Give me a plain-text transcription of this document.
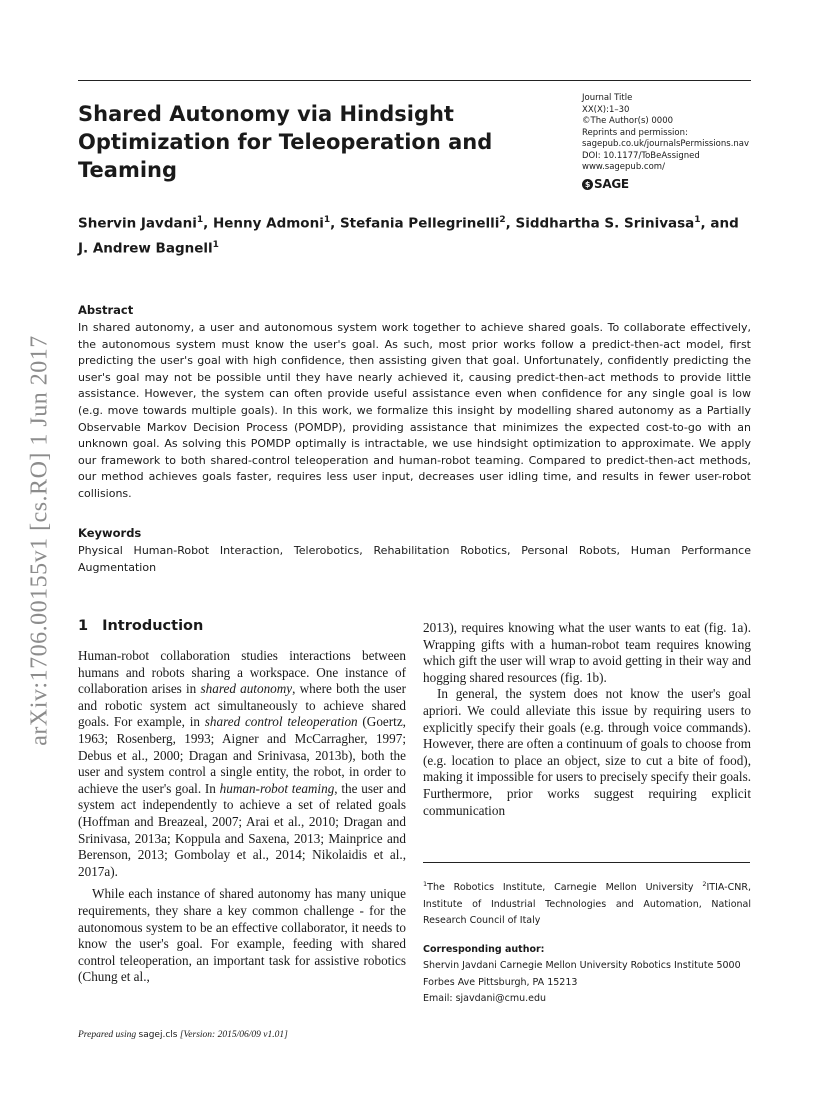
arXiv:1706.00155v1 [cs.RO] 1 Jun 2017
Shared Autonomy via Hindsight Optimization for Teleoperation and Teaming
Journal Title
XX(X):1–30
©The Author(s) 0000
Reprints and permission:
sagepub.co.uk/journalsPermissions.nav
DOI: 10.1177/ToBeAssigned
www.sagepub.com/
$ SAGE
Shervin Javdani$^1$, Henny Admoni$^1$, Stefania Pellegrinelli$^2$, Siddhartha S. Srinivasa$^1$, and
J. Andrew Bagnell$^1$
Abstract

In shared autonomy, a user and autonomous system work together to achieve shared goals. To collaborate effectively, the autonomous system must know the user's goal. As such, most prior works follow a predict-then-act model, first predicting the user's goal with high confidence, then assisting given that goal. Unfortunately, confidently predicting the user's goal may not be possible until they have nearly achieved it, causing predict-then-act methods to provide little assistance. However, the system can often provide useful assistance even when confidence for any single goal is low (e.g. move towards multiple goals). In this work, we formalize this insight by modelling shared autonomy as a Partially Observable Markov Decision Process (POMDP), providing assistance that minimizes the expected cost-to-go with an unknown goal. As solving this POMDP optimally is intractable, we use hindsight optimization to approximate. We apply our framework to both shared-control teleoperation and human-robot teaming. Compared to predict-then-act methods, our method achieves goals faster, requires less user input, decreases user idling time, and results in fewer user-robot collisions.

Keywords

Physical Human-Robot Interaction, Telerobotics, Rehabilitation Robotics, Personal Robots, Human Performance Augmentation

1 Introduction

Human-robot collaboration studies interactions between humans and robots sharing a workspace. One instance of collaboration arises in shared autonomy, where both the user and robotic system act simultaneously to achieve shared goals. For example, in shared control teleoperation (Goertz, 1963; Rosenberg, 1993; Aigner and McCarragher, 1997; Debus et al., 2000; Dragan and Srinivasa, 2013b), both the user and system control a single entity, the robot, in order to achieve the user's goal. In human-robot teaming, the user and system act independently to achieve a set of related goals (Hoffman and Breazeal, 2007; Arai et al., 2010; Dragan and Srinivasa, 2013a; Koppula and Saxena, 2013; Mainprice and Berenson, 2013; Gombolay et al., 2014; Nikolaidis et al., 2017a).

While each instance of shared autonomy has many unique requirements, they share a key common challenge - for the autonomous system to be an effective collaborator, it needs to know the user's goal. For example, feeding with shared control teleoperation, an important task for assistive robotics (Chung et al.,

2013), requires knowing what the user wants to eat (fig. 1a). Wrapping gifts with a human-robot team requires knowing which gift the user will wrap to avoid getting in their way and hogging shared resources (fig. 1b).

In general, the system does not know the user's goal apriori. We could alleviate this issue by requiring users to explicitly specify their goals (e.g. through voice commands). However, there are often a continuum of goals to choose from (e.g. location to place an object, size to cut a bite of food), making it impossible for users to precisely specify their goals. Furthermore, prior works suggest requiring explicit communication

$^1$The Robotics Institute, Carnegie Mellon University $^2$ITIA-CNR, Institute of Industrial Technologies and Automation, National Research Council of Italy

Corresponding author:
Shervin Javdani Carnegie Mellon University Robotics Institute 5000
Forbes Ave Pittsburgh, PA 15213
Email: sjavdani@cmu.edu
Prepared using sagej.cls [Version: 2015/06/09 v1.01]
